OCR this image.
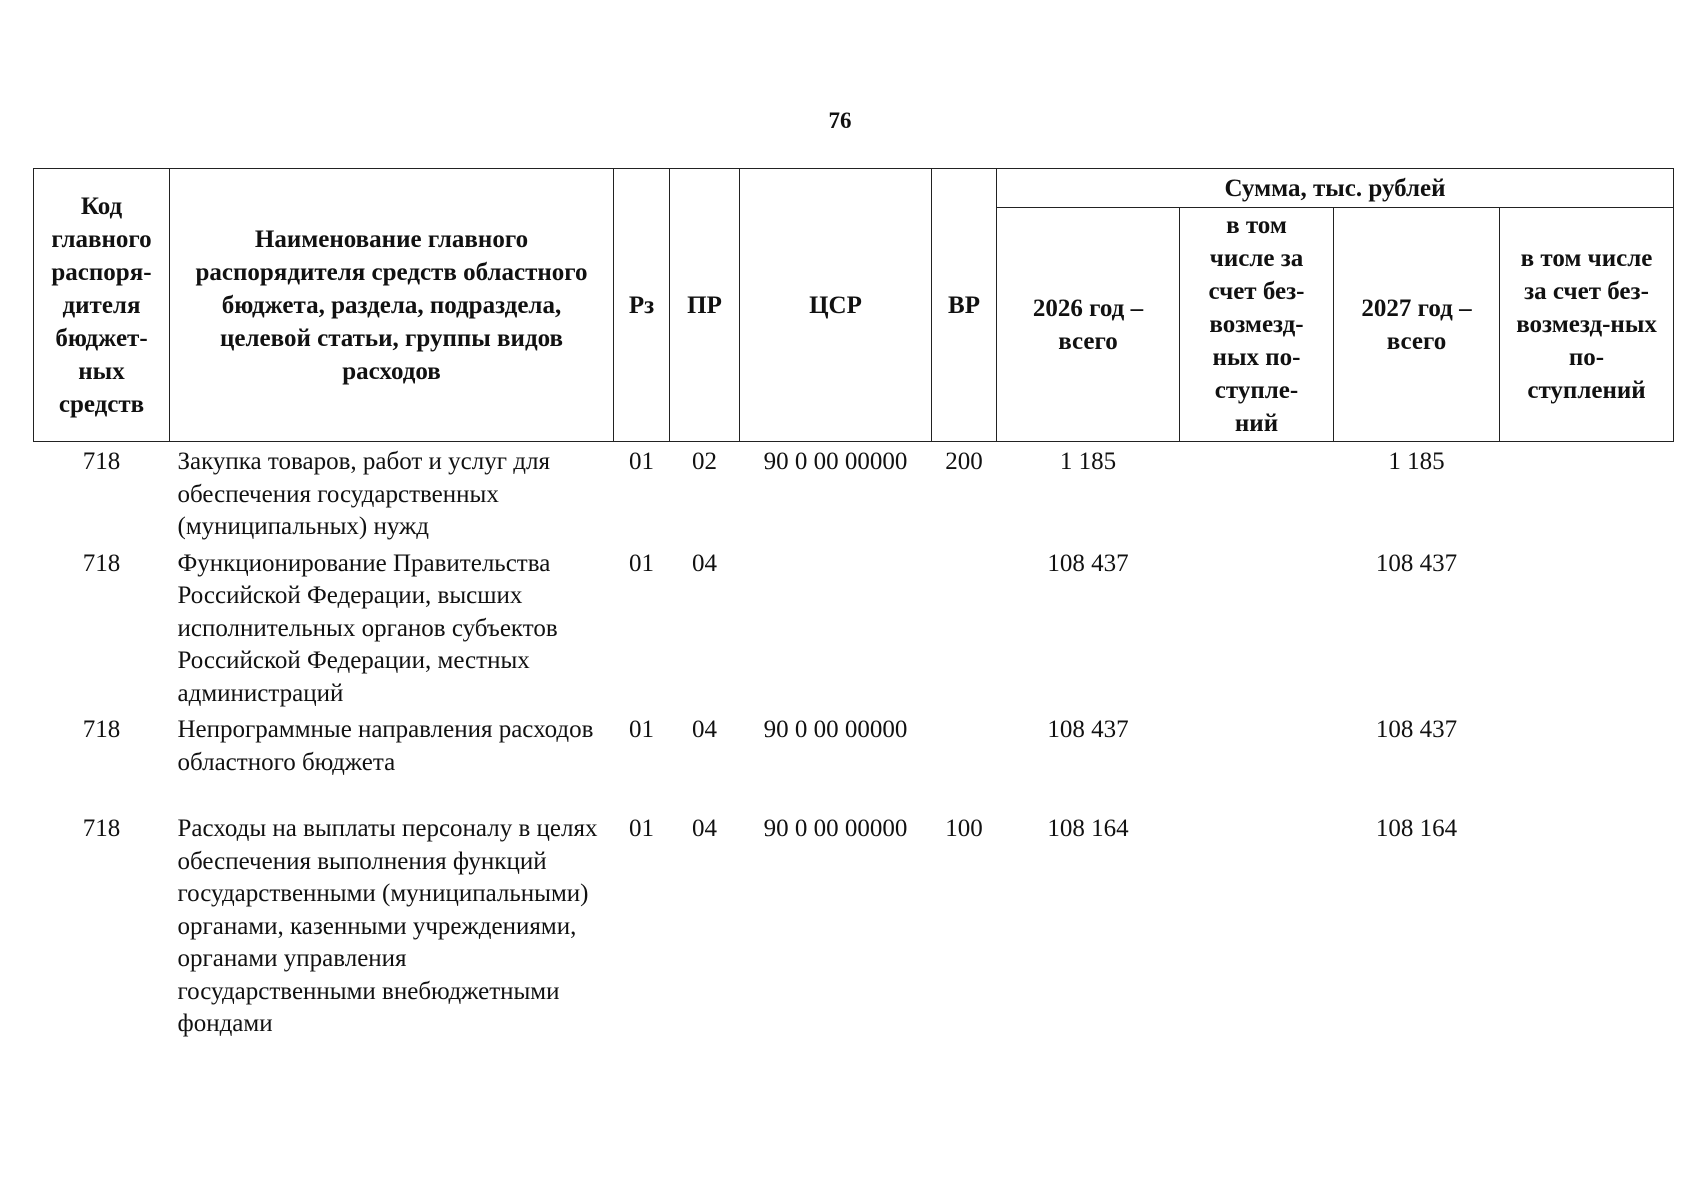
76
Код главного распоря-дителя бюджет-ных средств	Наименование главного распорядителя средств областного бюджета, раздела, подраздела, целевой статьи, группы видов расходов	Рз	ПР	ЦСР	ВР	Сумма, тыс. рублей			
						2026 год – всего	в том числе за счет без-возмезд-ных по-ступле-ний	2027 год – всего	в том числе за счет без-возмезд-ных по-ступлений
718	Закупка товаров, работ и услуг для обеспечения государственных (муниципальных) нужд	01	02	90 0 00 00000	200	1 185		1 185	
718	Функционирование Правительства Российской Федерации, высших исполнительных органов субъектов Российской Федерации, местных администраций	01	04			108 437		108 437	
718	Непрограммные направления расходов областного бюджета	01	04	90 0 00 00000		108 437		108 437	
718	Расходы на выплаты персоналу в целях обеспечения выполнения функций государственными (муниципальными) органами, казенными учреждениями, органами управления государственными внебюджетными фондами	01	04	90 0 00 00000	100	108 164		108 164	
